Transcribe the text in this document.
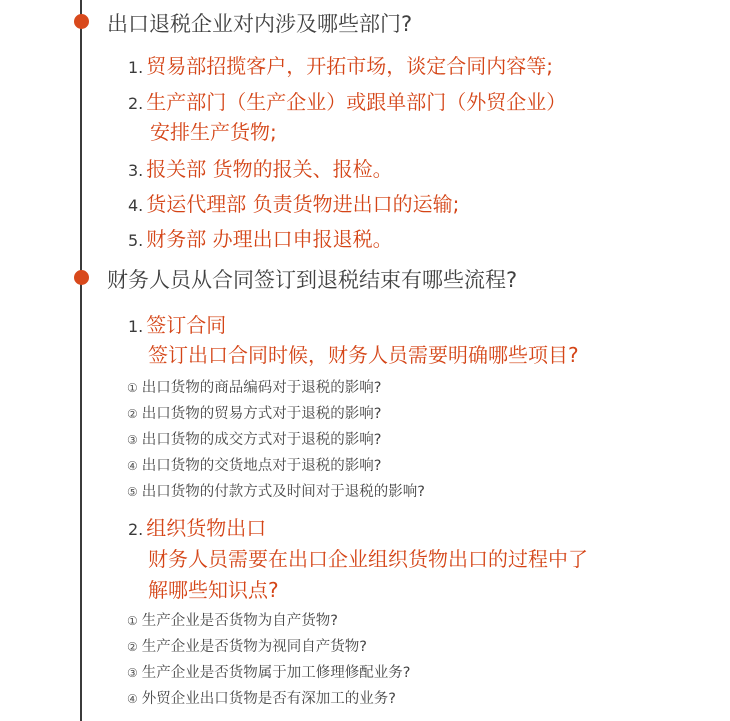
出口退税企业对内涉及哪些部门?
1. 贸易部招揽客户，开拓市场，谈定合同内容等;
2. 生产部门（生产企业）或跟单部门（外贸企业）
安排生产货物;
3. 报关部 货物的报关、报检。
4. 货运代理部 负责货物进出口的运输;
5. 财务部 办理出口申报退税。
财务人员从合同签订到退税结束有哪些流程?
1. 签订合同
签订出口合同时候，财务人员需要明确哪些项目?
① 出口货物的商品编码对于退税的影响?
② 出口货物的贸易方式对于退税的影响?
③ 出口货物的成交方式对于退税的影响?
④ 出口货物的交货地点对于退税的影响?
⑤ 出口货物的付款方式及时间对于退税的影响?
2. 组织货物出口
财务人员需要在出口企业组织货物出口的过程中了
解哪些知识点?
① 生产企业是否货物为自产货物?
② 生产企业是否货物为视同自产货物?
③ 生产企业是否货物属于加工修理修配业务?
④ 外贸企业出口货物是否有深加工的业务?
